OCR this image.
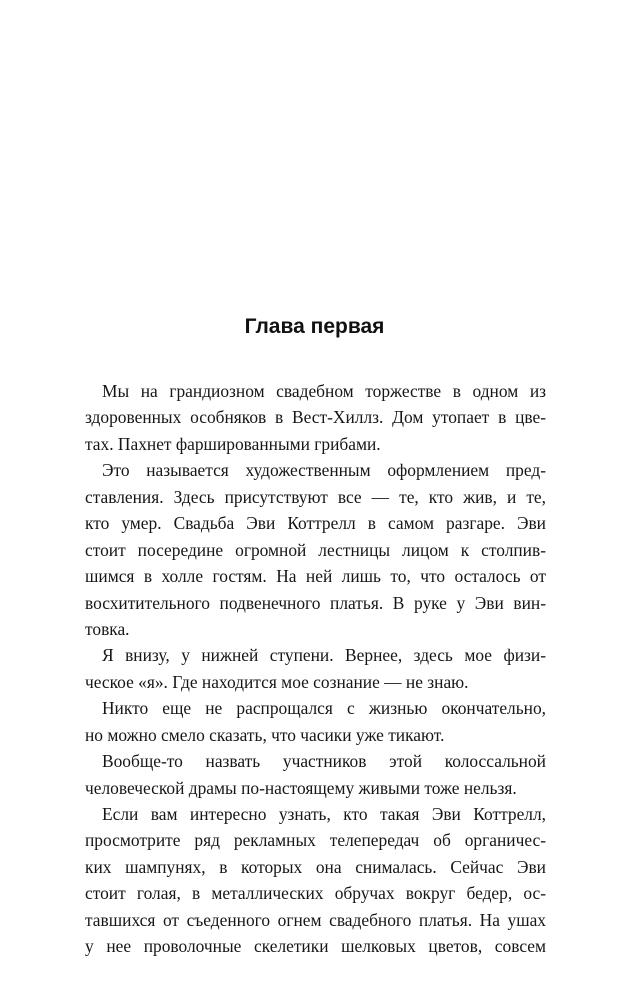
Глава первая

Мы на грандиозном свадебном торжестве в одном из
здоровенных особняков в Вест-Хиллз. Дом утопает в цве-
тах. Пахнет фаршированными грибами.

Это называется художественным оформлением пред-
ставления. Здесь присутствуют все — те, кто жив, и те,
кто умер. Свадьба Эви Коттрелл в самом разгаре. Эви
стоит посередине огромной лестницы лицом к столпив-
шимся в холле гостям. На ней лишь то, что осталось от
восхитительного подвенечного платья. В руке у Эви вин-
товка.

Я внизу, у нижней ступени. Вернее, здесь мое физи-
ческое «я». Где находится мое сознание — не знаю.

Никто еще не распрощался с жизнью окончательно,
но можно смело сказать, что часики уже тикают.

Вообще-то назвать участников этой колоссальной
человеческой драмы по-настоящему живыми тоже нельзя.

Если вам интересно узнать, кто такая Эви Коттрелл,
просмотрите ряд рекламных телепередач об органичес-
ких шампунях, в которых она снималась. Сейчас Эви
стоит голая, в металлических обручах вокруг бедер, ос-
тавшихся от съеденного огнем свадебного платья. На ушах
у нее проволочные скелетики шелковых цветов, совсем
